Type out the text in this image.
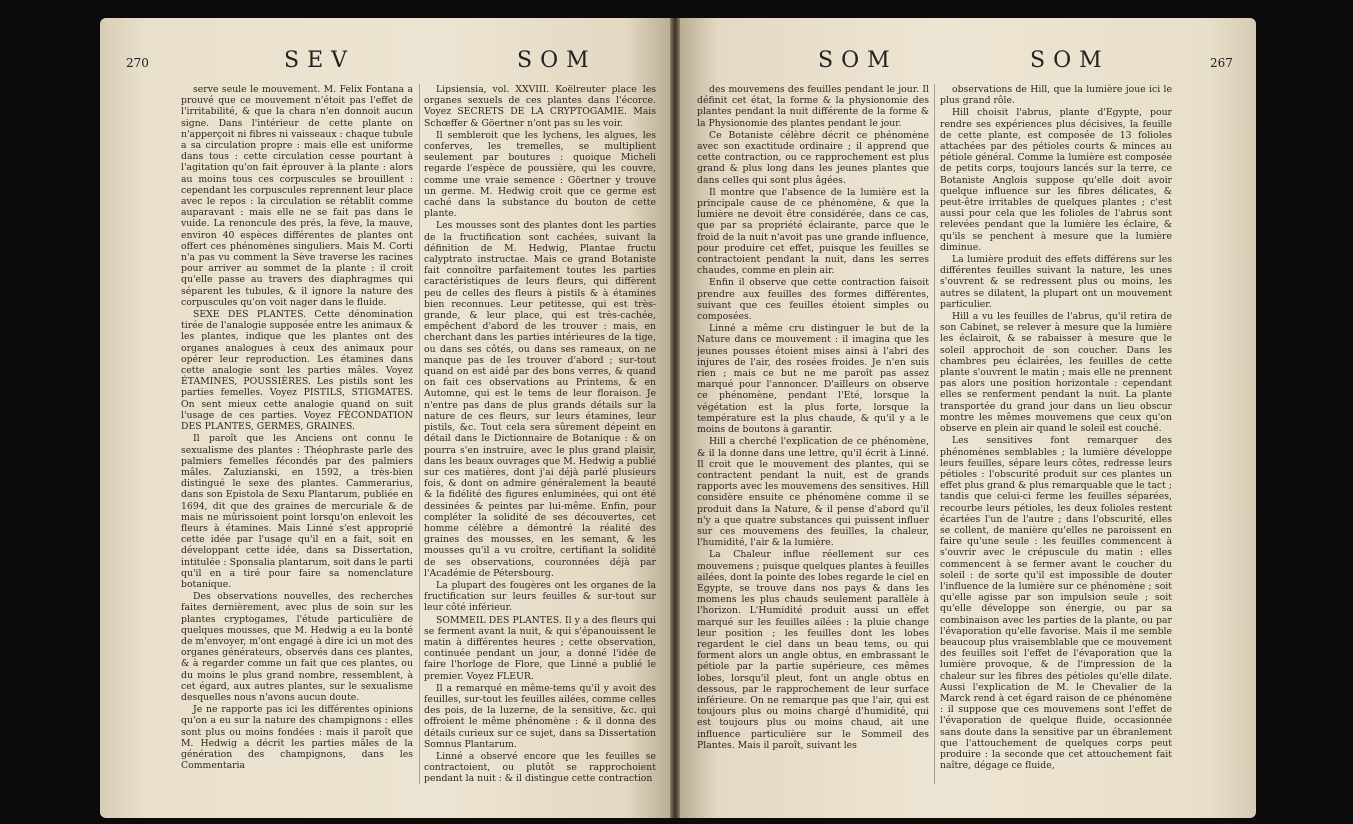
270	SEV	SOM	SOM	SOM	267

serve seule le mouvement. M. Felix Fontana a prouvé que ce mouvement n'étoit pas l'effet de l'irritabilité, & que la chara n'en donnoit aucun signe. Dans l'intérieur de cette plante on n'apperçoit ni fibres ni vaisseaux : chaque tubule a sa circulation propre : mais elle est uniforme dans tous : cette circulation cesse pourtant à l'agitation qu'on fait éprouver à la plante : alors au moins tous ces corpuscules se brouillent : cependant les corpuscules reprennent leur place avec le repos : la circulation se rétablit comme auparavant : mais elle ne se fait pas dans le vuide. La renoncule des prés, la fève, la mauve, environ 40 espèces différentes de plantes ont offert ces phénomènes singuliers. Mais M. Corti n'a pas vu comment la Sève traverse les racines pour arriver au sommet de la plante : il croit qu'elle passe au travers des diaphragmes qui séparent les tubules, & il ignore la nature des corpuscules qu'on voit nager dans le fluide.

SEXE DES PLANTES. Cette dénomination tirée de l'analogie supposée entre les animaux & les plantes, indique que les plantes ont des organes analogues à ceux des animaux pour opérer leur reproduction. Les étamines dans cette analogie sont les parties mâles. Voyez ÉTAMINES, POUSSIÈRES. Les pistils sont les parties femelles. Voyez PISTILS, STIGMATES. On sent mieux cette analogie quand on suit l'usage de ces parties. Voyez FÉCONDATION DES PLANTES, GERMES, GRAINES.

Il paroît que les Anciens ont connu le sexualisme des plantes : Théophraste parle des palmiers femelles fécondés par des palmiers mâles. Zaluzianski, en 1592, a très-bien distingué le sexe des plantes. Cammerarius, dans son Epistola de Sexu Plantarum, publiée en 1694, dit que des graines de mercuriale & de mais ne mûrissoient point lorsqu'on enlevoit les fleurs à étamines. Mais Linné s'est approprié cette idée par l'usage qu'il en a fait, soit en développant cette idée, dans sa Dissertation, intitulée : Sponsalia plantarum, soit dans le parti qu'il en a tiré pour faire sa nomenclature botanique.

Des observations nouvelles, des recherches faites dernièrement, avec plus de soin sur les plantes cryptogames, l'étude particulière de quelques mousses, que M. Hedwig a eu la bonté de m'envoyer, m'ont engagé à dire ici un mot des organes générateurs, observés dans ces plantes, & à regarder comme un fait que ces plantes, ou du moins le plus grand nombre, ressemblent, à cet égard, aux autres plantes, sur le sexualisme desquelles nous n'avons aucun doute.

Je ne rapporte pas ici les différentes opinions qu'on a eu sur la nature des champignons : elles sont plus ou moins fondées : mais il paroît que M. Hedwig a décrit les parties mâles de la génération des champignons, dans les Commentaria

Lipsiensia, vol. XXVIII. Koëlreuter place les organes sexuels de ces plantes dans l'écorce. Voyez SECRETS DE LA CRYPTOGAMIE. Mais Schœffer & Göertner n'ont pas su les voir.

Il sembleroit que les lychens, les algues, les conferves, les tremelles, se multiplient seulement par boutures : quoique Micheli regarde l'espèce de poussière, qui les couvre, comme une vraie semence : Göertner y trouve un germe. M. Hedwig croit que ce germe est caché dans la substance du bouton de cette plante.

Les mousses sont des plantes dont les parties de la fructification sont cachées, suivant la définition de M. Hedwig, Plantae fructu calyptrato instructae. Mais ce grand Botaniste fait connoître parfaitement toutes les parties caractéristiques de leurs fleurs, qui diffèrent peu de celles des fleurs à pistils & à étamines bien reconnues. Leur petitesse, qui est très-grande, & leur place, qui est très-cachée, empêchent d'abord de les trouver : mais, en cherchant dans les parties intérieures de la tige, ou dans ses côtés, ou dans ses rameaux, on ne manque pas de les trouver d'abord ; sur-tout quand on est aidé par des bons verres, & quand on fait ces observations au Printems, & en Automne, qui est le tems de leur floraison. Je n'entre pas dans de plus grands détails sur la nature de ces fleurs, sur leurs étamines, leur pistils, &c. Tout cela sera sûrement dépeint en détail dans le Dictionnaire de Botanique : & on pourra s'en instruire, avec le plus grand plaisir, dans les beaux ouvrages que M. Hedwig a publié sur ces matières, dont j'ai déjà parlé plusieurs fois, & dont on admire généralement la beauté & la fidélité des figures enluminées, qui ont été dessinées & peintes par lui-même. Enfin, pour compléter la solidité de ses découvertes, cet homme célèbre a démontré la réalité des graines des mousses, en les semant, & les mousses qu'il a vu croître, certifiant la solidité de ses observations, couronnées déjà par l'Académie de Pétersbourg.

La plupart des fougères ont les organes de la fructification sur leurs feuilles & sur-tout sur leur côté inférieur.

SOMMEIL DES PLANTES. Il y a des fleurs qui se ferment avant la nuit, & qui s'épanouissent le matin à différentes heures ; cette observation, continuée pendant un jour, a donné l'idée de faire l'horloge de Flore, que Linné a publié le premier. Voyez FLEUR.

Il a remarqué en même-tems qu'il y avoit des feuilles, sur-tout les feuilles ailées, comme celles des pois, de la luzerne, de la sensitive, &c. qui offroient le même phénomène : & il donna des détails curieux sur ce sujet, dans sa Dissertation Somnus Plantarum.

Linné a observé encore que les feuilles se contractoient, ou plutôt se rapprochoient pendant la nuit : & il distingue cette contraction

des mouvemens des feuilles pendant le jour. Il définit cet état, la forme & la physionomie des plantes pendant la nuit différente de la forme & la Physionomie des plantes pendant le jour.

Ce Botaniste célèbre décrit ce phénomène avec son exactitude ordinaire ; il apprend que cette contraction, ou ce rapprochement est plus grand & plus long dans les jeunes plantes que dans celles qui sont plus âgées.

Il montre que l'absence de la lumière est la principale cause de ce phénomène, & que la lumière ne devoit être considérée, dans ce cas, que par sa propriété éclairante, parce que le froid de la nuit n'avoit pas une grande influence, pour produire cet effet, puisque les feuilles se contractoient pendant la nuit, dans les serres chaudes, comme en plein air.

Enfin il observe que cette contraction faisoit prendre aux feuilles des formes différentes, suivant que ces feuilles étoient simples ou composées.

Linné a même cru distinguer le but de la Nature dans ce mouvement : il imagina que les jeunes pousses étoient mises ainsi à l'abri des injures de l'air, des rosées froides. Je n'en suis rien ; mais ce but ne me paroît pas assez marqué pour l'annoncer. D'ailleurs on observe ce phénomène, pendant l'Eté, lorsque la végétation est la plus forte, lorsque la température est la plus chaude, & qu'il y a le moins de boutons à garantir.

Hill a cherché l'explication de ce phénomène, & il la donne dans une lettre, qu'il écrit à Linné. Il croit que le mouvement des plantes, qui se contractent pendant la nuit, est de grands rapports avec les mouvemens des sensitives. Hill considère ensuite ce phénomène comme il se produit dans la Nature, & il pense d'abord qu'il n'y a que quatre substances qui puissent influer sur ces mouvemens des feuilles, la chaleur, l'humidité, l'air & la lumière.

La Chaleur influe réellement sur ces mouvemens ; puisque quelques plantes à feuilles ailées, dont la pointe des lobes regarde le ciel en Egypte, se trouve dans nos pays & dans les momens les plus chauds seulement parallèle à l'horizon. L'Humidité produit aussi un effet marqué sur les feuilles ailées : la pluie change leur position ; les feuilles dont les lobes regardent le ciel dans un beau tems, ou qui forment alors un angle obtus, en embrassant le pétiole par la partie supérieure, ces mêmes lobes, lorsqu'il pleut, font un angle obtus en dessous, par le rapprochement de leur surface inférieure. On ne remarque pas que l'air, qui est toujours plus ou moins chargé d'humidité, qui est toujours plus ou moins chaud, ait une influence particulière sur le Sommeil des Plantes. Mais il paroît, suivant les

observations de Hill, que la lumière joue ici le plus grand rôle.

Hill choisit l'abrus, plante d'Egypte, pour rendre ses expériences plus décisives, la feuille de cette plante, est composée de 13 folioles attachées par des pétioles courts & minces au pétiole général. Comme la lumière est composée de petits corps, toujours lancés sur la terre, ce Botaniste Anglois suppose qu'elle doit avoir quelque influence sur les fibres délicates, & peut-être irritables de quelques plantes ; c'est aussi pour cela que les folioles de l'abrus sont relevées pendant que la lumière les éclaire, & qu'ils se penchent à mesure que la lumière diminue.

La lumière produit des effets différens sur les différentes feuilles suivant la nature, les unes s'ouvrent & se redressent plus ou moins, les autres se dilatent, la plupart ont un mouvement particulier.

Hill a vu les feuilles de l'abrus, qu'il retira de son Cabinet, se relever à mesure que la lumière les éclairoit, & se rabaisser à mesure que le soleil approchoit de son coucher. Dans les chambres peu éclairées, les feuilles de cette plante s'ouvrent le matin ; mais elle ne prennent pas alors une position horizontale : cependant elles se renferment pendant la nuit. La plante transportée du grand jour dans un lieu obscur montre les mêmes mouvemens que ceux qu'on observe en plein air quand le soleil est couché.

Les sensitives font remarquer des phénomènes semblables ; la lumière développe leurs feuilles, sépare leurs côtes, redresse leurs pétioles : l'obscurité produit sur ces plantes un effet plus grand & plus remarquable que le tact ; tandis que celui-ci ferme les feuilles séparées, recourbe leurs pétioles, les deux folioles restent écartées l'un de l'autre ; dans l'obscurité, elles se collent, de manière qu'elles ne paroissent en faire qu'une seule : les feuilles commencent à s'ouvrir avec le crépuscule du matin : elles commencent à se fermer avant le coucher du soleil : de sorte qu'il est impossible de douter l'influence de la lumière sur ce phénomène ; soit qu'elle agisse par son impulsion seule ; soit qu'elle développe son énergie, ou par sa combinaison avec les parties de la plante, ou par l'évaporation qu'elle favorise. Mais il me semble beaucoup plus vraisemblable que ce mouvement des feuilles soit l'effet de l'évaporation que la lumière provoque, & de l'impression de la chaleur sur les fibres des pétioles qu'elle dilate. Aussi l'explication de M. le Chevalier de la Marck rend à cet égard raison de ce phénomène : il suppose que ces mouvemens sont l'effet de l'évaporation de quelque fluide, occasionnée sans doute dans la sensitive par un ébranlement que l'attouchement de quelques corps peut produire : la seconde que cet attouchement fait naître, dégage ce fluide,
